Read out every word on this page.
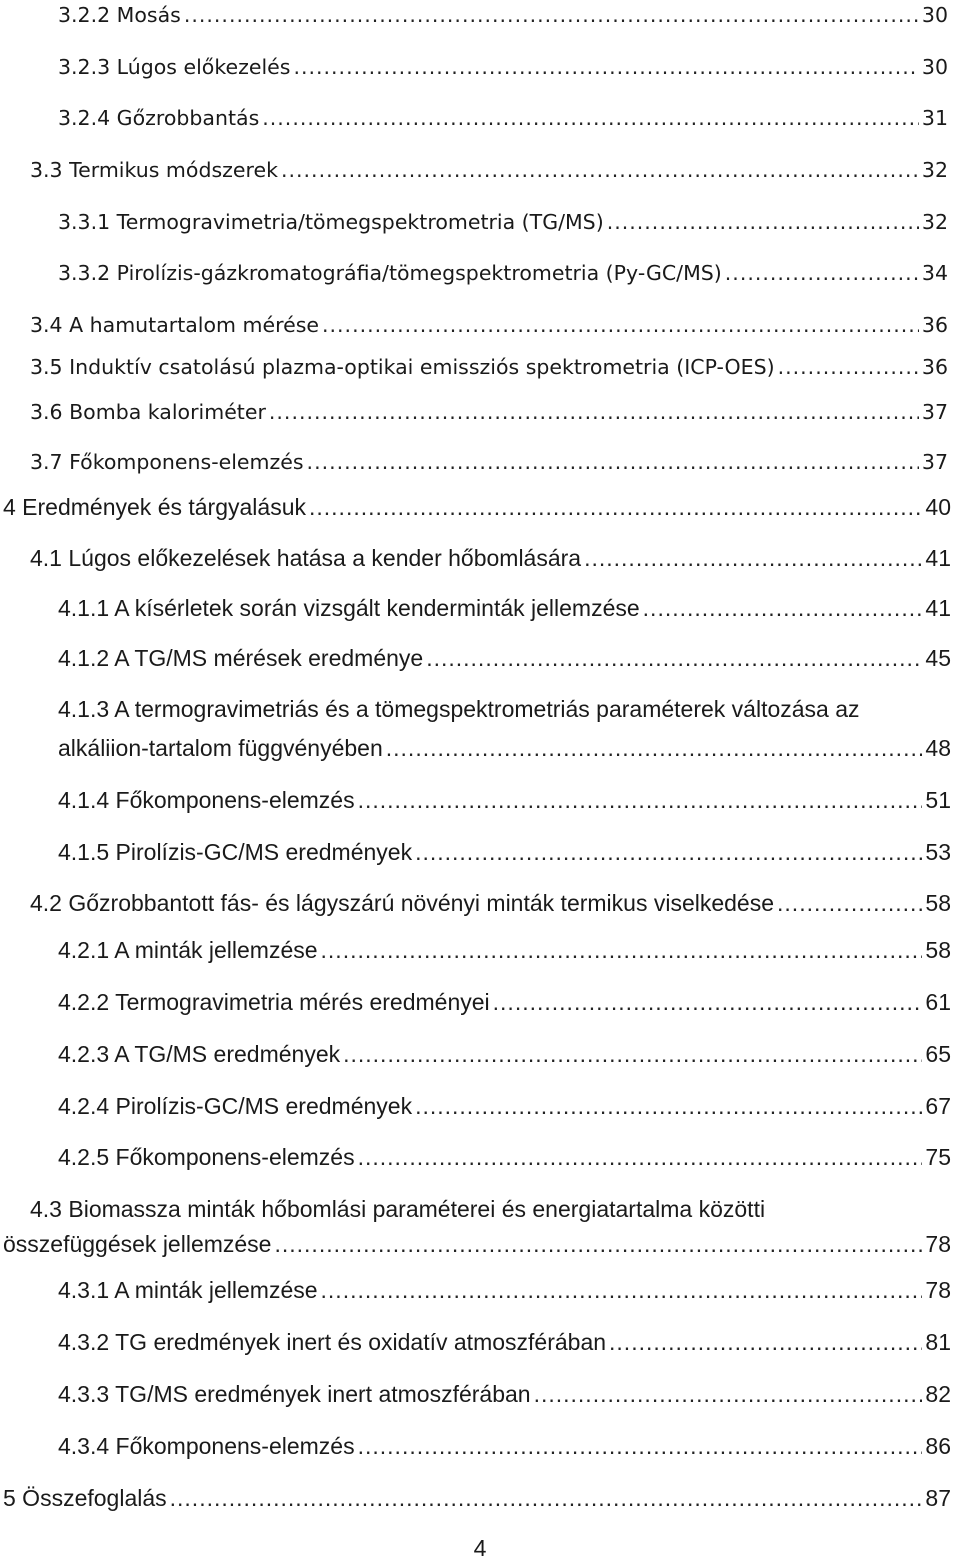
3.2.2 Mosás .....	30
3.2.3 Lúgos előkezelés .....	30
3.2.4 Gőzrobbantás .....	31
3.3 Termikus módszerek .....	32
3.3.1 Termogravimetria/tömegspektrometria (TG/MS) .....	32
3.3.2 Pirolízis-gázkromatográfia/tömegspektrometria (Py-GC/MS) .....	34
3.4 A hamutartalom mérése .....	36
3.5 Induktív csatolású plazma-optikai emissziós spektrometria (ICP-OES) .....	36
3.6 Bomba kaloriméter .....	37
3.7 Főkomponens-elemzés .....	37
4 Eredmények és tárgyalásuk .....	40
4.1 Lúgos előkezelések hatása a kender hőbomlására .....	41
4.1.1 A kísérletek során vizsgált kenderminták jellemzése .....	41
4.1.2 A TG/MS mérések eredménye .....	45
4.1.3 A termogravimetriás és a tömegspektrometriás paraméterek változása az
alkáliion-tartalom függvényében .....	48
4.1.4 Főkomponens-elemzés .....	51
4.1.5 Pirolízis-GC/MS eredmények .....	53
4.2 Gőzrobbantott fás- és lágyszárú növényi minták termikus viselkedése .....	58
4.2.1 A minták jellemzése .....	58
4.2.2 Termogravimetria mérés eredményei .....	61
4.2.3 A TG/MS eredmények .....	65
4.2.4 Pirolízis-GC/MS eredmények .....	67
4.2.5 Főkomponens-elemzés .....	75
4.3 Biomassza minták hőbomlási paraméterei és energiatartalma közötti
összefüggések jellemzése .....	78
4.3.1 A minták jellemzése .....	78
4.3.2 TG eredmények inert és oxidatív atmoszférában .....	81
4.3.3 TG/MS eredmények inert atmoszférában .....	82
4.3.4 Főkomponens-elemzés .....	86
5 Összefoglalás .....	87
4
